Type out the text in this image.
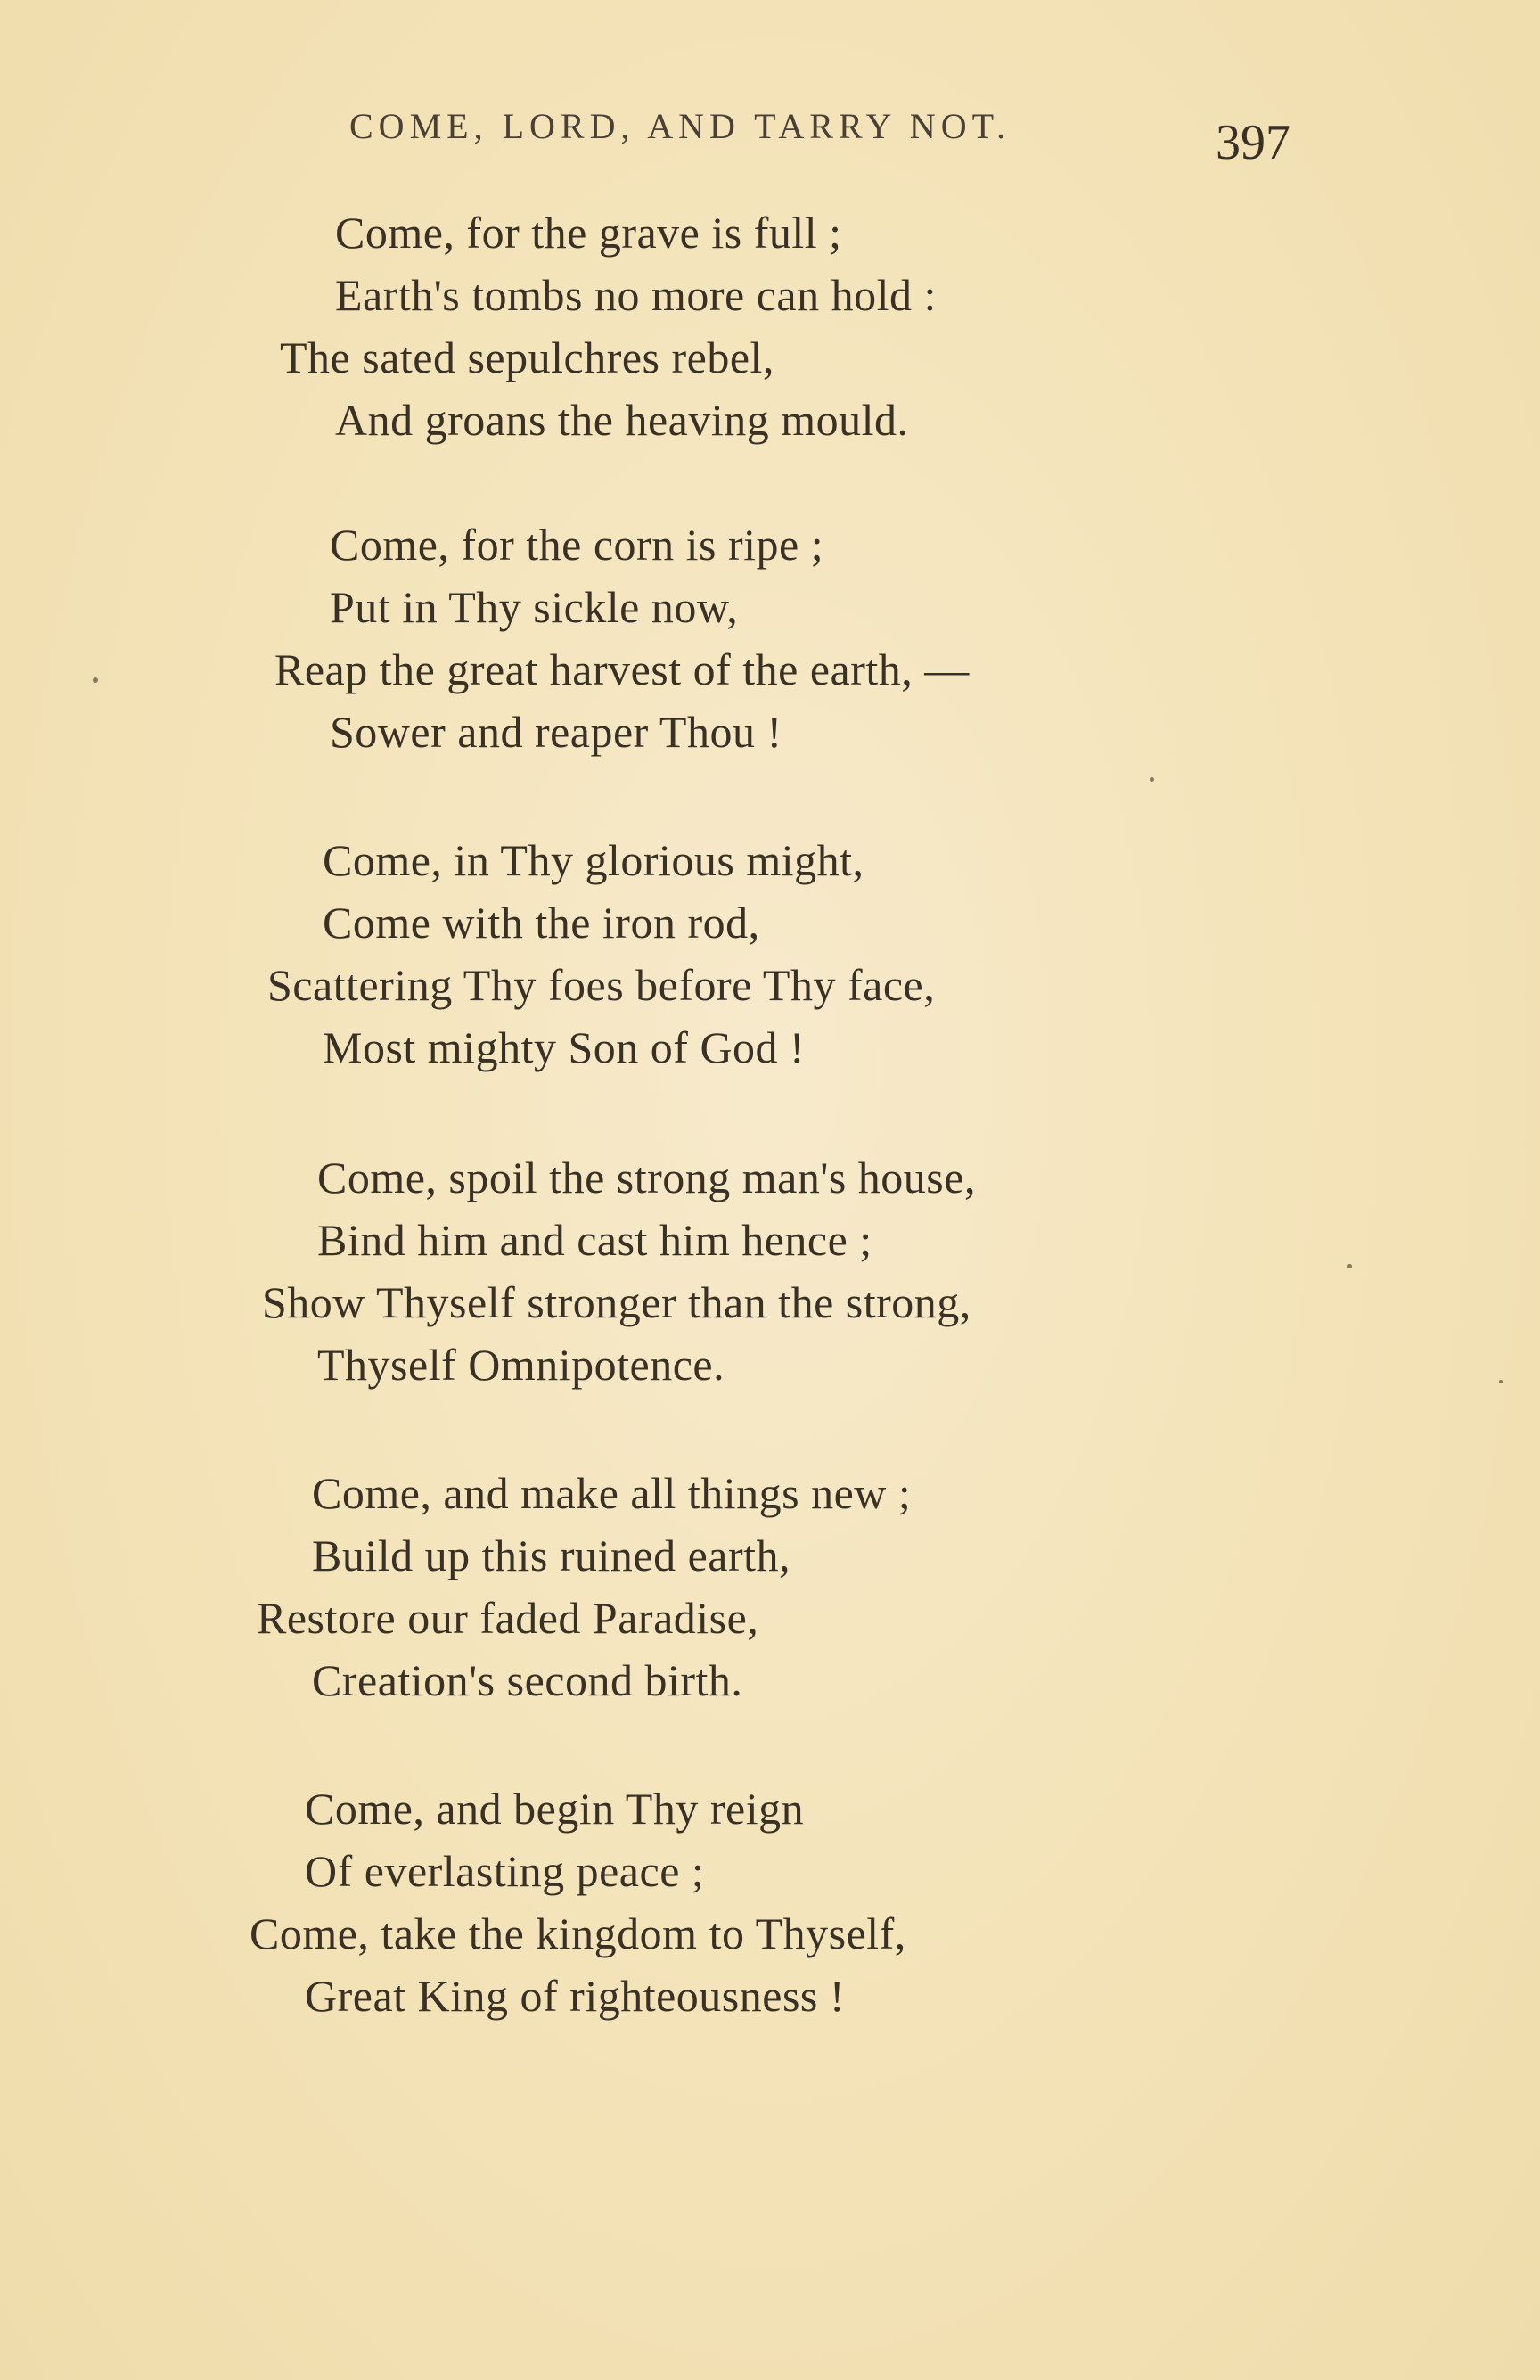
COME, LORD, AND TARRY NOT.	397
Come, for the grave is full ;
Earth's tombs no more can hold :
The sated sepulchres rebel,
And groans the heaving mould.
Come, for the corn is ripe ;
Put in Thy sickle now,
Reap the great harvest of the earth, —
Sower and reaper Thou !
Come, in Thy glorious might,
Come with the iron rod,
Scattering Thy foes before Thy face,
Most mighty Son of God !
Come, spoil the strong man's house,
Bind him and cast him hence ;
Show Thyself stronger than the strong,
Thyself Omnipotence.
Come, and make all things new ;
Build up this ruined earth,
Restore our faded Paradise,
Creation's second birth.
Come, and begin Thy reign
Of everlasting peace ;
Come, take the kingdom to Thyself,
Great King of righteousness !
